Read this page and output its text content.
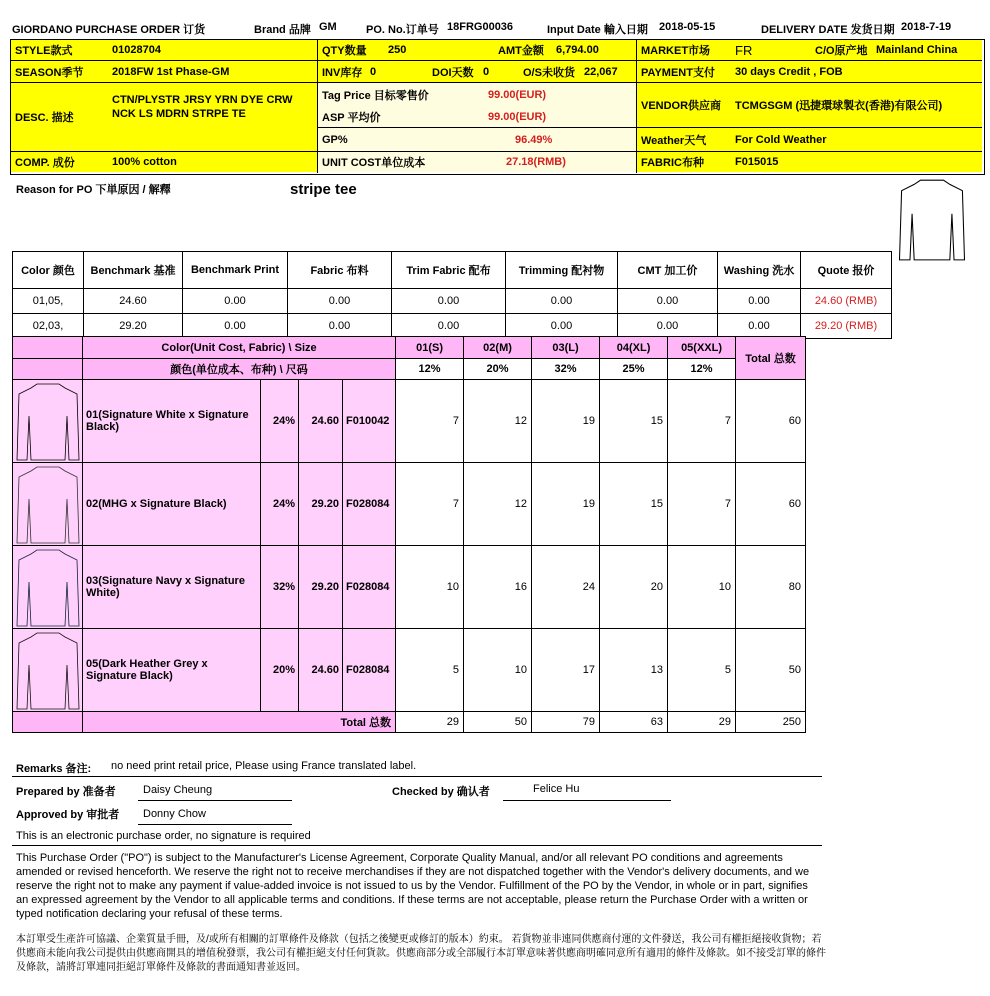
GIORDANO PURCHASE ORDER 订货	Brand 品牌 GM	PO. No.订单号 18FRG00036	Input Date 輸入日期 2018-05-15	DELIVERY DATE 发货日期 2018-7-19
STYLE款式	01028704
SEASON季节	2018FW 1st Phase-GM
DESC. 描述
CTN/PLYSTR JRSY YRN DYE CRW NCK LS MDRN STRPE TE
COMP. 成份	100% cotton
QTY数量 250	AMT金额 6,794.00
INV库存 0	DOI天数 0	O/S未收货 22,067
Tag Price 目标零售价	99.00(EUR)
ASP 平均价	99.00(EUR)
GP%	96.49%
UNIT COST单位成本	27.18(RMB)
MARKET市场 FR	C/O原产地 Mainland China
PAYMENT支付 30 days Credit , FOB
VENDOR供应商 TCMGSGM (迅捷環球製衣(香港)有限公司)
Weather天气	For Cold Weather
FABRIC布种	F015015
Reason for PO 下単原因 / 解釋	stripe tee
Color 颜色	Benchmark 基准	Benchmark Print	Fabric 布料	Trim Fabric 配布	Trimming 配衬物	CMT 加工价	Washing 洗水	Quote 报价
01,05,	24.60	0.00	0.00	0.00	0.00	0.00	0.00	24.60 (RMB)
02,03,	29.20	0.00	0.00	0.00	0.00	0.00	0.00	29.20 (RMB)
	Color(Unit Cost, Fabric) \ Size				01(S)	02(M)	03(L)	04(XL)	05(XXL)	Total 总数
	颜色(单位成本、布种) \ 尺码				12%	20%	32%	25%	12%	

	01(Signature White x Signature Black)	24%	24.60	F010042	7	12	19	15	7	60

	02(MHG x Signature Black)	24%	29.20	F028084	7	12	19	15	7	60

	03(Signature Navy x Signature White)	32%	29.20	F028084	10	16	24	20	10	80

	05(Dark Heather Grey x Signature Black)	20%	24.60	F028084	5	10	17	13	5	50
	Total 总数				29	50	79	63	29	250
Remarks 备注: no need print retail price, Please using France translated label.
Prepared by 准备者 Daisy Cheung	Checked by 确认者	Felice Hu
Approved by 审批者 Donny Chow
This is an electronic purchase order, no signature is required
This Purchase Order ("PO") is subject to the Manufacturer's License Agreement, Corporate Quality Manual, and/or all relevant PO conditions and agreements amended or revised henceforth. We reserve the right not to receive merchandises if they are not dispatched together with the Vendor's delivery documents, and we reserve the right not to make any payment if value-added invoice is not issued to us by the Vendor. Fulfillment of the PO by the Vendor, in whole or in part, signifies an expressed agreement by the Vendor to all applicable terms and conditions. If these terms are not acceptable, please return the Purchase Order with a written or typed notification declaring your refusal of these terms.
本訂單受生產許可協議、企業質量手冊，及/或所有相關的訂單條件及條款（包括之後變更或修訂的版本）約束。 若貨物並非連同供應商付運的文件發送，我公司有權拒絕接收貨物；若供應商未能向我公司提供由供應商開具的增值稅發票，我公司有權拒絕支付任何貨款。供應商部分或全部履行本訂單意味著供應商明確同意所有適用的條件及條款。如不接受訂單的條件及條款，請將訂單連同拒絕訂單條件及條款的書面通知書並返回。
